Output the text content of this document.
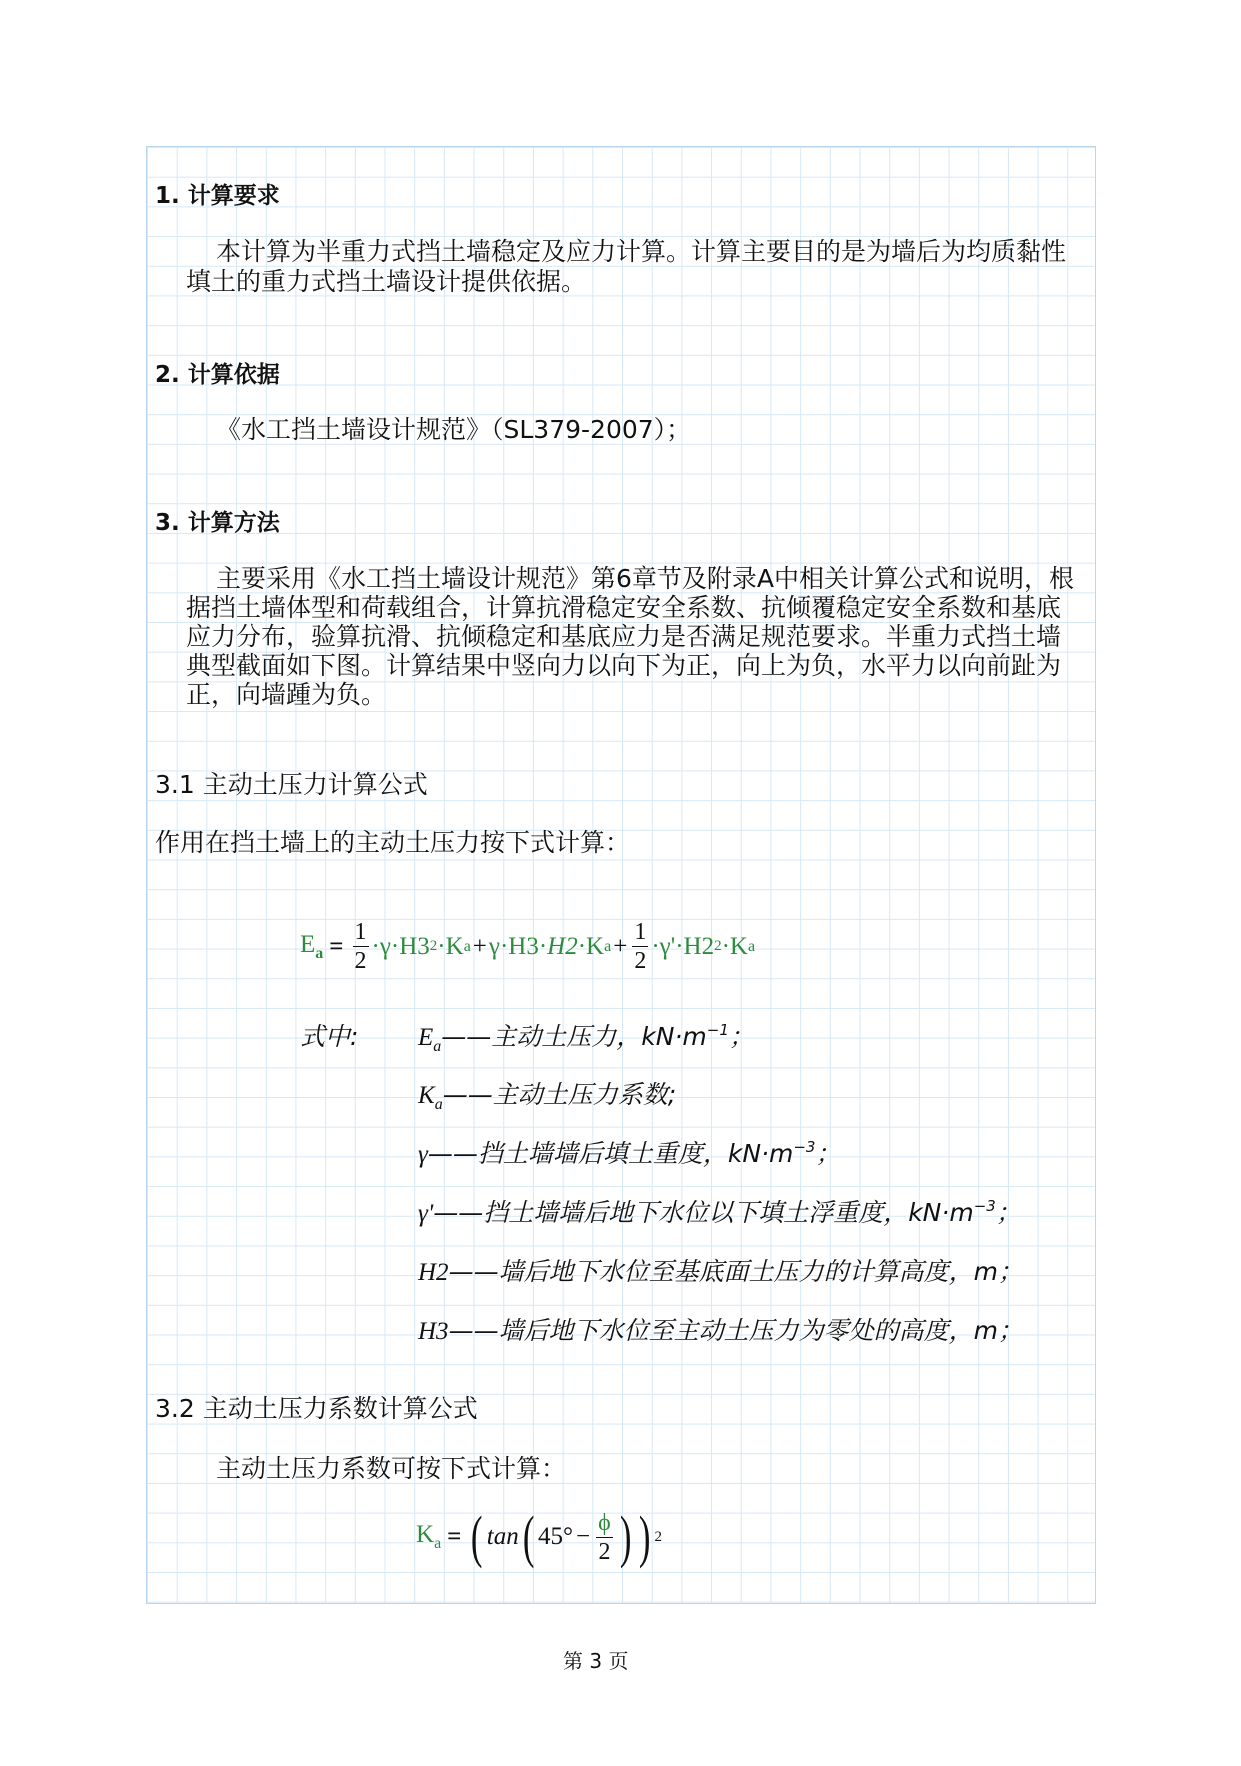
1. 计算要求
本计算为半重力式挡土墙稳定及应力计算。计算主要目的是为墙后为均质黏性
填土的重力式挡土墙设计提供依据。
2. 计算依据
《水工挡土墙设计规范》（SL379-2007）；
3. 计算方法
主要采用《水工挡土墙设计规范》第6章节及附录A中相关计算公式和说明，根
据挡土墙体型和荷载组合，计算抗滑稳定安全系数、抗倾覆稳定安全系数和基底
应力分布，验算抗滑、抗倾稳定和基底应力是否满足规范要求。半重力式挡土墙
典型截面如下图。计算结果中竖向力以向下为正，向上为负，水平力以向前趾为
正，向墙踵为负。
3.1 主动土压力计算公式
作用在挡土墙上的主动土压力按下式计算：
$E_a = \frac{1}{2} \cdot\gamma\cdot H3$ 2 ·K a + γ·H3· H2 ·K $a + \frac{1}{2} \cdot\gamma'\cdot H2$ 2 ·K a
式中: $E_a——$主动土压力，$kN\cdot m^{-1}$；
$K_a——$主动土压力系数;
γ——挡土墙墙后填土重度，$kN\cdot m^{-3}$；
γ'——挡土墙墙后地下水位以下填土浮重度，$kN\cdot m^{-3}$；
H2——墙后地下水位至基底面土压力的计算高度，m；
H3——墙后地下水位至主动土压力为零处的高度，m；
3.2 主动土压力系数计算公式
主动土压力系数可按下式计算：
$K_a$ = ( tan ( $45^\circ - \frac{\phi}{2}$ ) ) 2
第 3 页
